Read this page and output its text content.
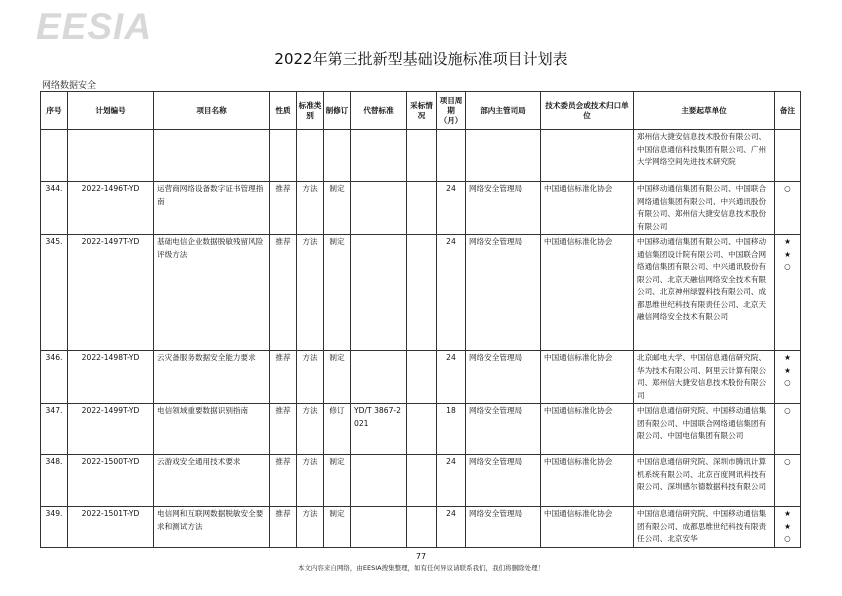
EESIA
2022年第三批新型基础设施标准项目计划表
网络数据安全
序号	计划编号	项目名称	性质	标准类别	制修订	代替标准	采标情况	项目周期（月）	部内主管司局	技术委员会或技术归口单位	主要起草单位	备注
											郑州信大捷安信息技术股份有限公司、中国信息通信科技集团有限公司、广州大学网络空间先进技术研究院	
344.	2022-1496T-YD	运营商网络设备数字证书管理指南	推荐	方法	制定			24	网络安全管理局	中国通信标准化协会	中国移动通信集团有限公司、中国联合网络通信集团有限公司、中兴通讯股份有限公司、郑州信大捷安信息技术股份有限公司	○

345.	2022-1497T-YD	基础电信企业数据脱敏残留风险评级方法	推荐	方法	制定			24	网络安全管理局	中国通信标准化协会	中国移动通信集团有限公司、中国移动通信集团设计院有限公司、中国联合网络通信集团有限公司、中兴通讯股份有限公司、北京天融信网络安全技术有限公司、北京神州绿盟科技有限公司、成都思维世纪科技有限责任公司、北京天融信网络安全技术有限公司	★
★
○

346.	2022-1498T-YD	云灾备服务数据安全能力要求	推荐	方法	制定			24	网络安全管理局	中国通信标准化协会	北京邮电大学、中国信息通信研究院、华为技术有限公司、阿里云计算有限公司、郑州信大捷安信息技术股份有限公司	★
★
○

347.	2022-1499T-YD	电信领域重要数据识别指南	推荐	方法	修订	YD/T 3867-2021		18	网络安全管理局	中国通信标准化协会	中国信息通信研究院、中国移动通信集团有限公司、中国联合网络通信集团有限公司、中国电信集团有限公司	○

348.	2022-1500T-YD	云游戏安全通用技术要求	推荐	方法	制定			24	网络安全管理局	中国通信标准化协会	中国信息通信研究院、深圳市腾讯计算机系统有限公司、北京百度网讯科技有限公司、深圳感尔德数据科技有限公司	○

349.	2022-1501T-YD	电信网和互联网数据脱敏安全要求和测试方法	推荐	方法	制定			24	网络安全管理局	中国通信标准化协会	中国信息通信研究院、中国移动通信集团有限公司、成都思维世纪科技有限责任公司、北京安华	★
★
○
77
本文内容来自网络，由EESIA搜集整理，如有任何异议请联系我们，我们将删除处理！
